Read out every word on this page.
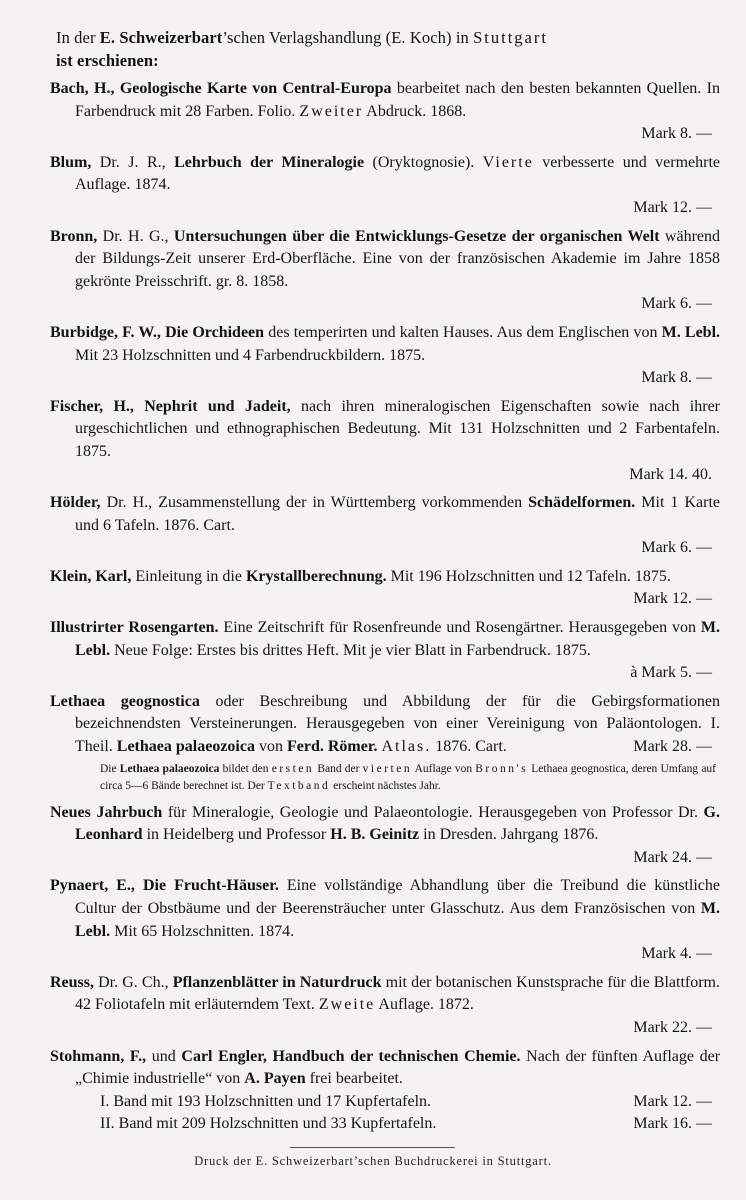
In der E. Schweizerbart’schen Verlagshandlung (E. Koch) in Stuttgart
ist erschienen:
Bach, H., Geologische Karte von Central-Europa bearbeitet nach den besten bekannten Quellen. In Farbendruck mit 28 Farben. Folio. Zweiter Abdruck. 1868.
Mark 8. —
Blum, Dr. J. R., Lehrbuch der Mineralogie (Oryktognosie). Vierte verbesserte und vermehrte Auflage. 1874.
Mark 12. —
Bronn, Dr. H. G., Untersuchungen über die Entwicklungs-Gesetze der organischen Welt während der Bildungs-Zeit unserer Erd-Oberfläche. Eine von der französischen Akademie im Jahre 1858 gekrönte Preisschrift. gr. 8. 1858.
Mark 6. —
Burbidge, F. W., Die Orchideen des temperirten und kalten Hauses. Aus dem Englischen von M. Lebl. Mit 23 Holzschnitten und 4 Farbendruckbildern. 1875.
Mark 8. —
Fischer, H., Nephrit und Jadeit, nach ihren mineralogischen Eigenschaften sowie nach ihrer urgeschichtlichen und ethnographischen Bedeutung. Mit 131 Holzschnitten und 2 Farbentafeln. 1875.
Mark 14. 40.
Hölder, Dr. H., Zusammenstellung der in Württemberg vorkommenden Schädelformen. Mit 1 Karte und 6 Tafeln. 1876. Cart.
Mark 6. —
Klein, Karl, Einleitung in die Krystallberechnung. Mit 196 Holzschnitten und 12 Tafeln. 1875.
Mark 12. —
Illustrirter Rosengarten. Eine Zeitschrift für Rosenfreunde und Rosengärtner. Herausgegeben von M. Lebl. Neue Folge: Erstes bis drittes Heft. Mit je vier Blatt in Farbendruck. 1875.
à Mark 5. —
Lethaea geognostica oder Beschreibung und Abbildung der für die Gebirgsformationen bezeichnendsten Versteinerungen. Herausgegeben von einer Vereinigung von Paläontologen. I. Theil. Lethaea palaeozoica von Ferd. Römer. Atlas. 1876. Cart.	Mark 28. —
Die Lethaea palaeozoica bildet den ersten Band der vierten Auflage von Bronn's Lethaea geognostica, deren Umfang auf circa 5—6 Bände berechnet ist. Der Textband erscheint nächstes Jahr.
Neues Jahrbuch für Mineralogie, Geologie und Palaeontologie. Herausgegeben von Professor Dr. G. Leonhard in Heidelberg und Professor H. B. Geinitz in Dresden. Jahrgang 1876.
Mark 24. —
Pynaert, E., Die Frucht-Häuser. Eine vollständige Abhandlung über die Treibund die künstliche Cultur der Obstbäume und der Beerensträucher unter Glasschutz. Aus dem Französischen von M. Lebl. Mit 65 Holzschnitten. 1874.
Mark 4. —
Reuss, Dr. G. Ch., Pflanzenblätter in Naturdruck mit der botanischen Kunstsprache für die Blattform. 42 Foliotafeln mit erläuterndem Text. Zweite Auflage. 1872.
Mark 22. —
Stohmann, F., und Carl Engler, Handbuch der technischen Chemie. Nach der fünften Auflage der „Chimie industrielle“ von A. Payen frei bearbeitet.
I. Band mit 193 Holzschnitten und 17 Kupfertafeln.	Mark 12. —
II. Band mit 209 Holzschnitten und 33 Kupfertafeln.	Mark 16. —
Druck der E. Schweizerbart’schen Buchdruckerei in Stuttgart.
